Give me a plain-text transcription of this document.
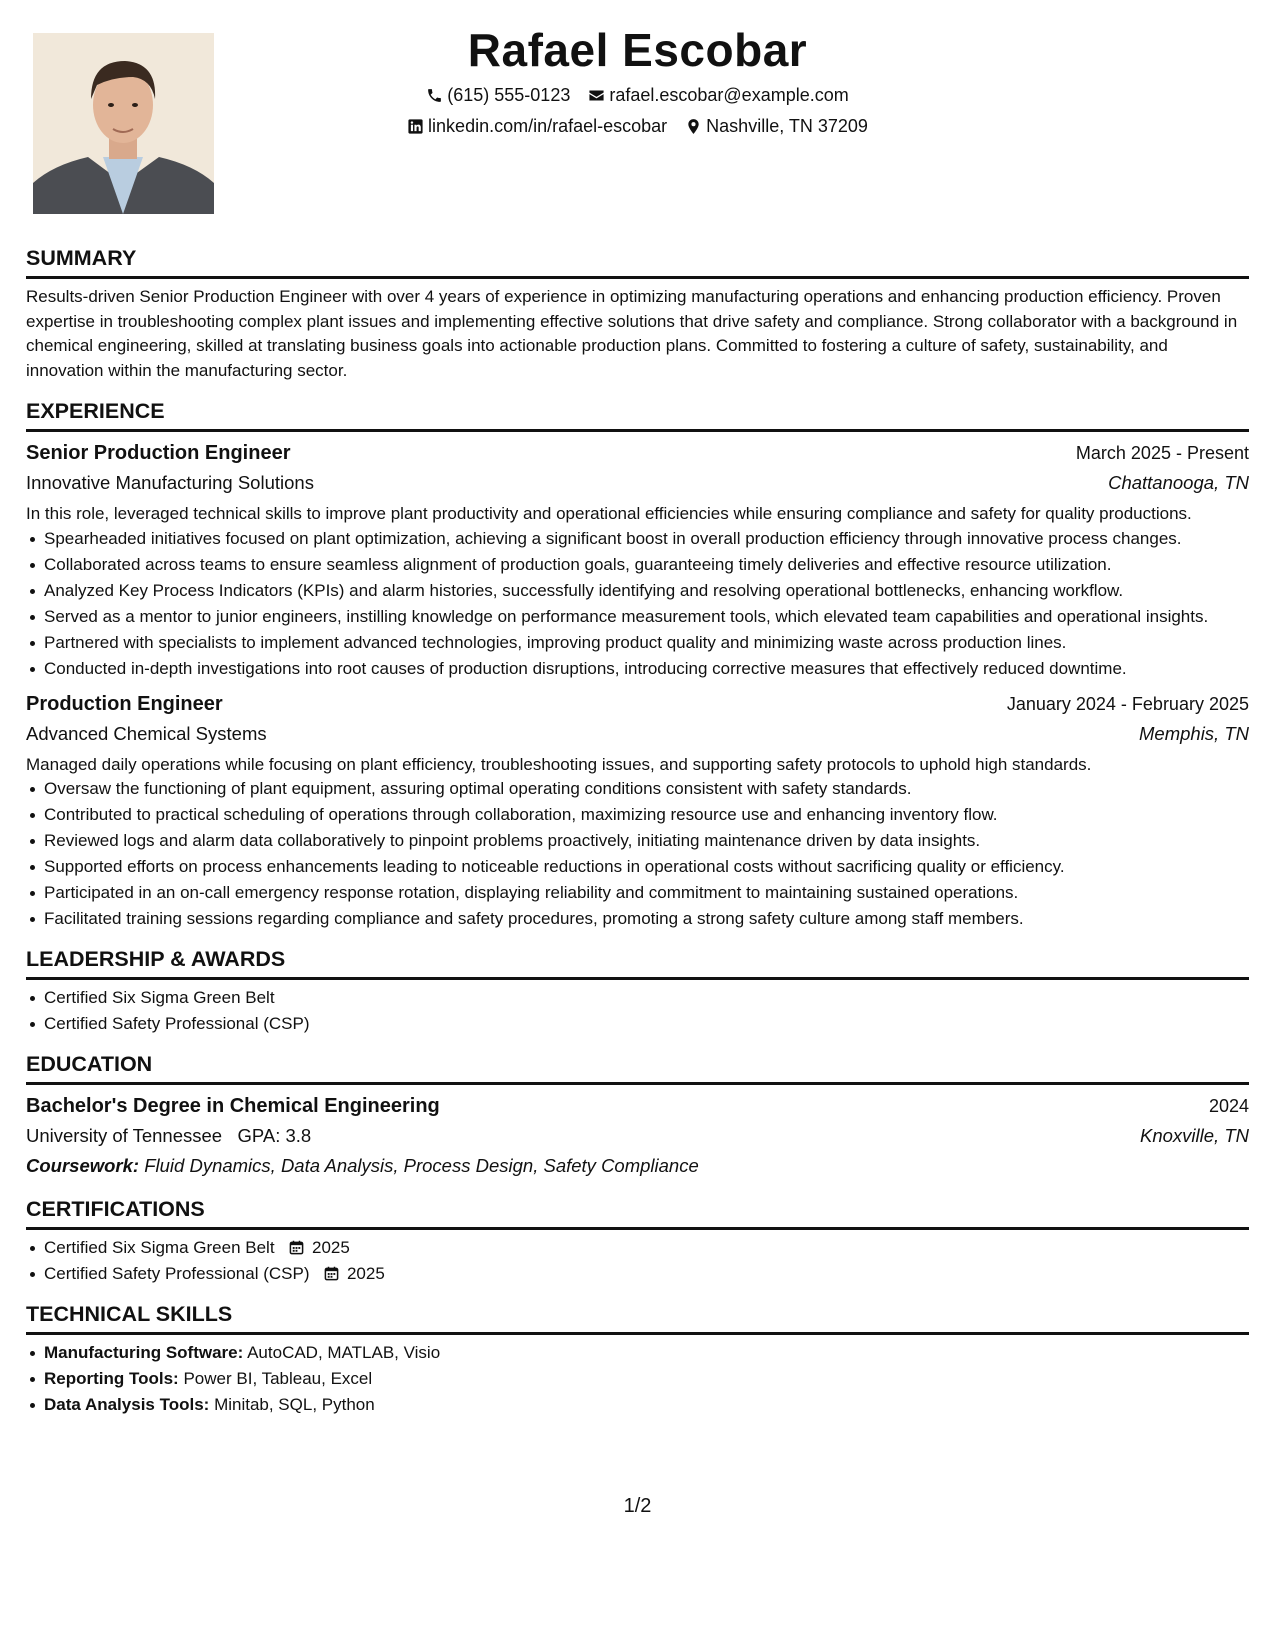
Rafael Escobar
(615) 555-0123 rafael.escobar@example.com
linkedin.com/in/rafael-escobar Nashville, TN 37209
SUMMARY

Results-driven Senior Production Engineer with over 4 years of experience in optimizing manufacturing operations and enhancing production efficiency. Proven expertise in troubleshooting complex plant issues and implementing effective solutions that drive safety and compliance. Strong collaborator with a background in chemical engineering, skilled at translating business goals into actionable production plans. Committed to fostering a culture of safety, sustainability, and innovation within the manufacturing sector.

EXPERIENCE
Senior Production Engineer	March 2025 - Present
Innovative Manufacturing Solutions	Chattanooga, TN

In this role, leveraged technical skills to improve plant productivity and operational efficiencies while ensuring compliance and safety for quality productions.

Spearheaded initiatives focused on plant optimization, achieving a significant boost in overall production efficiency through innovative process changes.
Collaborated across teams to ensure seamless alignment of production goals, guaranteeing timely deliveries and effective resource utilization.
Analyzed Key Process Indicators (KPIs) and alarm histories, successfully identifying and resolving operational bottlenecks, enhancing workflow.
Served as a mentor to junior engineers, instilling knowledge on performance measurement tools, which elevated team capabilities and operational insights.
Partnered with specialists to implement advanced technologies, improving product quality and minimizing waste across production lines.
Conducted in-depth investigations into root causes of production disruptions, introducing corrective measures that effectively reduced downtime.
Production Engineer	January 2024 - February 2025
Advanced Chemical Systems	Memphis, TN

Managed daily operations while focusing on plant efficiency, troubleshooting issues, and supporting safety protocols to uphold high standards.

Oversaw the functioning of plant equipment, assuring optimal operating conditions consistent with safety standards.
Contributed to practical scheduling of operations through collaboration, maximizing resource use and enhancing inventory flow.
Reviewed logs and alarm data collaboratively to pinpoint problems proactively, initiating maintenance driven by data insights.
Supported efforts on process enhancements leading to noticeable reductions in operational costs without sacrificing quality or efficiency.
Participated in an on-call emergency response rotation, displaying reliability and commitment to maintaining sustained operations.
Facilitated training sessions regarding compliance and safety procedures, promoting a strong safety culture among staff members.
LEADERSHIP & AWARDS
Certified Six Sigma Green Belt
Certified Safety Professional (CSP)
EDUCATION
Bachelor's Degree in Chemical Engineering	2024
University of Tennessee GPA: 3.8	Knoxville, TN
Coursework: Fluid Dynamics, Data Analysis, Process Design, Safety Compliance
CERTIFICATIONS
Certified Six Sigma Green Belt 2025
Certified Safety Professional (CSP) 2025
TECHNICAL SKILLS
Manufacturing Software: AutoCAD, MATLAB, Visio
Reporting Tools: Power BI, Tableau, Excel
Data Analysis Tools: Minitab, SQL, Python
1/2
